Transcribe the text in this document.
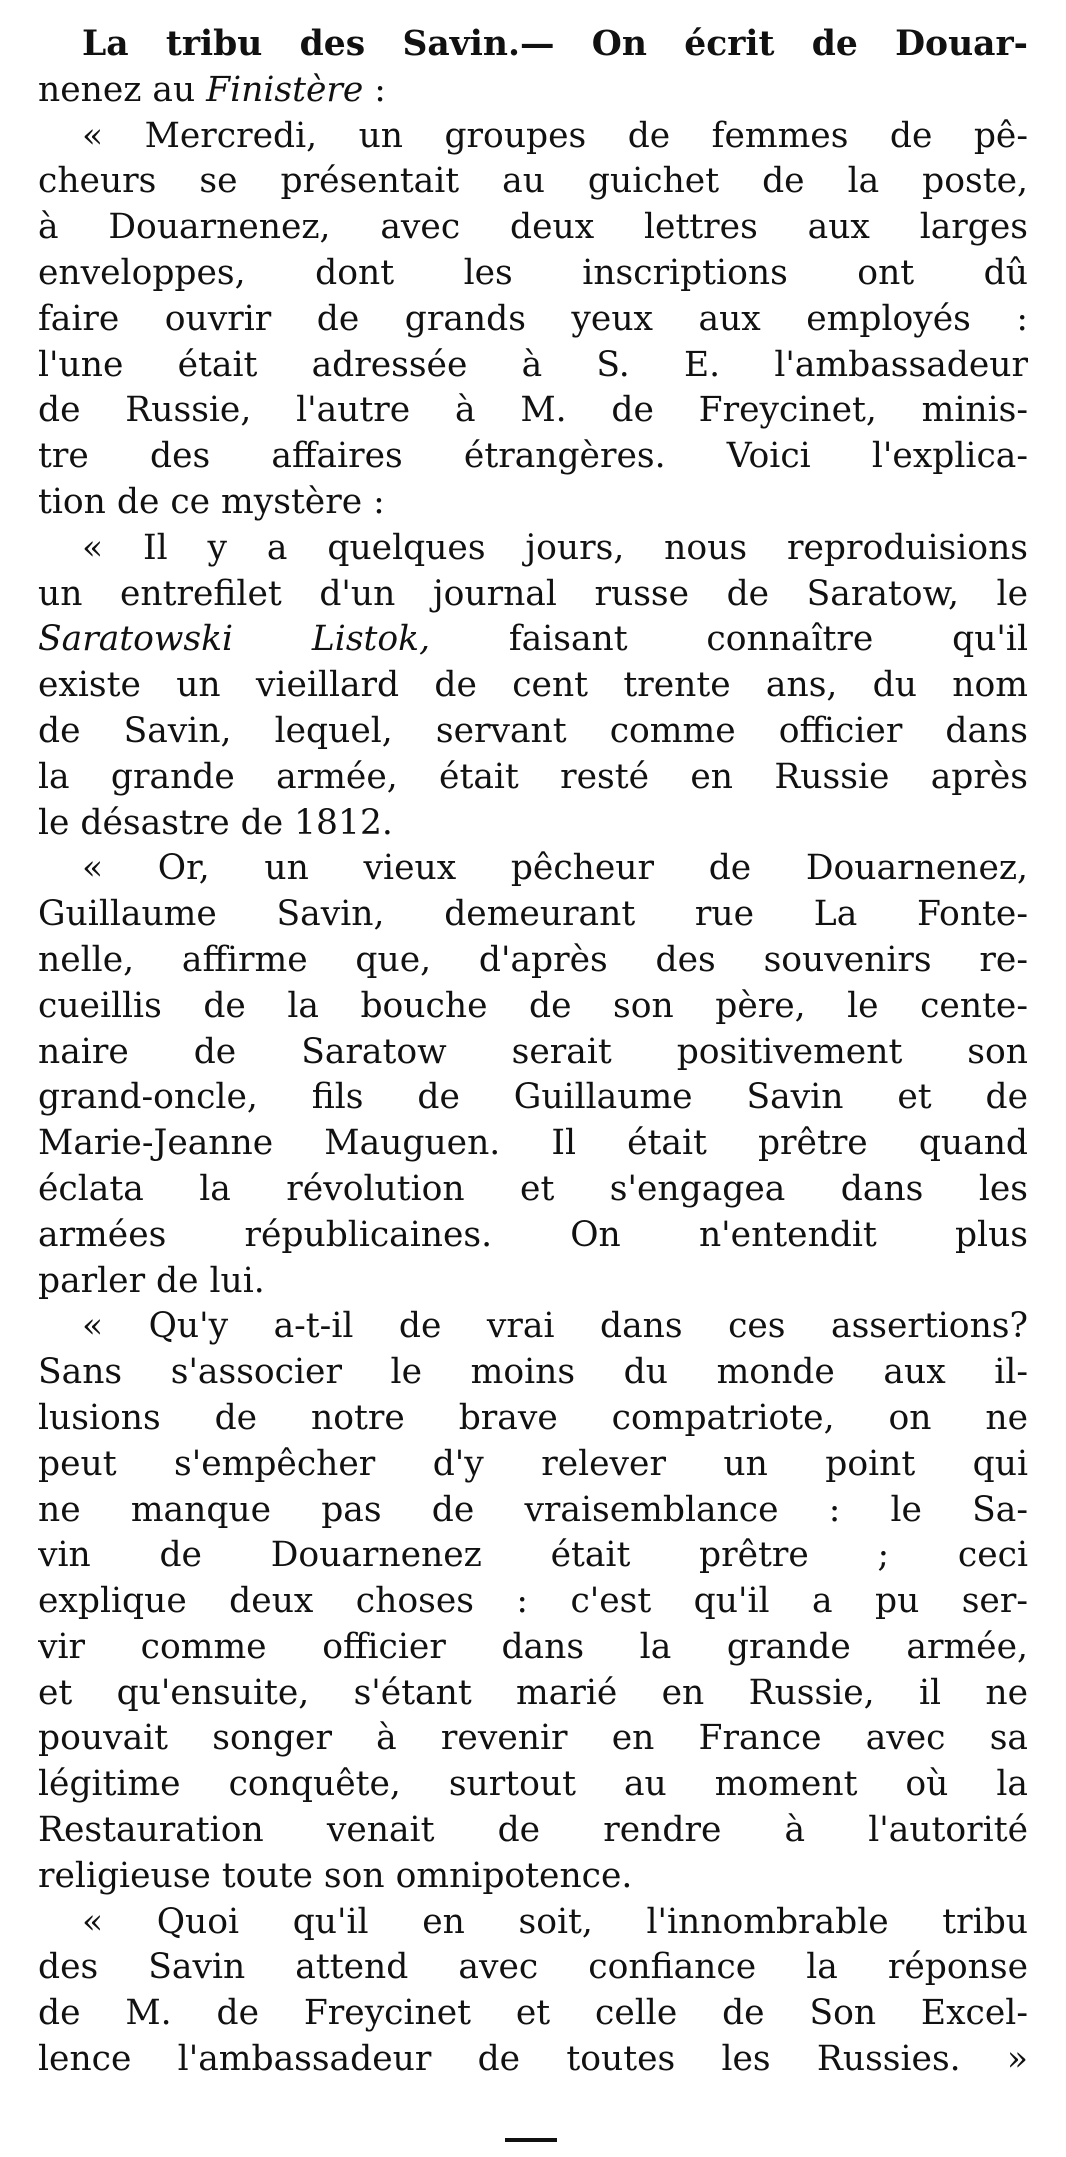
La tribu des Savin.— On écrit de Douar-
nenez au Finistère :
« Mercredi, un groupes de femmes de pê-
cheurs se présentait au guichet de la poste,
à Douarnenez, avec deux lettres aux larges
enveloppes, dont les inscriptions ont dû
faire ouvrir de grands yeux aux employés :
l'une était adressée à S. E. l'ambassadeur
de Russie, l'autre à M. de Freycinet, minis-
tre des affaires étrangères. Voici l'explica-
tion de ce mystère :
« Il y a quelques jours, nous reproduisions
un entrefilet d'un journal russe de Saratow, le
Saratowski Listok, faisant connaître qu'il
existe un vieillard de cent trente ans, du nom
de Savin, lequel, servant comme officier dans
la grande armée, était resté en Russie après
le désastre de 1812.
« Or, un vieux pêcheur de Douarnenez,
Guillaume Savin, demeurant rue La Fonte-
nelle, affirme que, d'après des souvenirs re-
cueillis de la bouche de son père, le cente-
naire de Saratow serait positivement son
grand-oncle, fils de Guillaume Savin et de
Marie-Jeanne Mauguen. Il était prêtre quand
éclata la révolution et s'engagea dans les
armées républicaines. On n'entendit plus
parler de lui.
« Qu'y a-t-il de vrai dans ces assertions?
Sans s'associer le moins du monde aux il-
lusions de notre brave compatriote, on ne
peut s'empêcher d'y relever un point qui
ne manque pas de vraisemblance : le Sa-
vin de Douarnenez était prêtre ; ceci
explique deux choses : c'est qu'il a pu ser-
vir comme officier dans la grande armée,
et qu'ensuite, s'étant marié en Russie, il ne
pouvait songer à revenir en France avec sa
légitime conquête, surtout au moment où la
Restauration venait de rendre à l'autorité
religieuse toute son omnipotence.
« Quoi qu'il en soit, l'innombrable tribu
des Savin attend avec confiance la réponse
de M. de Freycinet et celle de Son Excel-
lence l'ambassadeur de toutes les Russies. »
